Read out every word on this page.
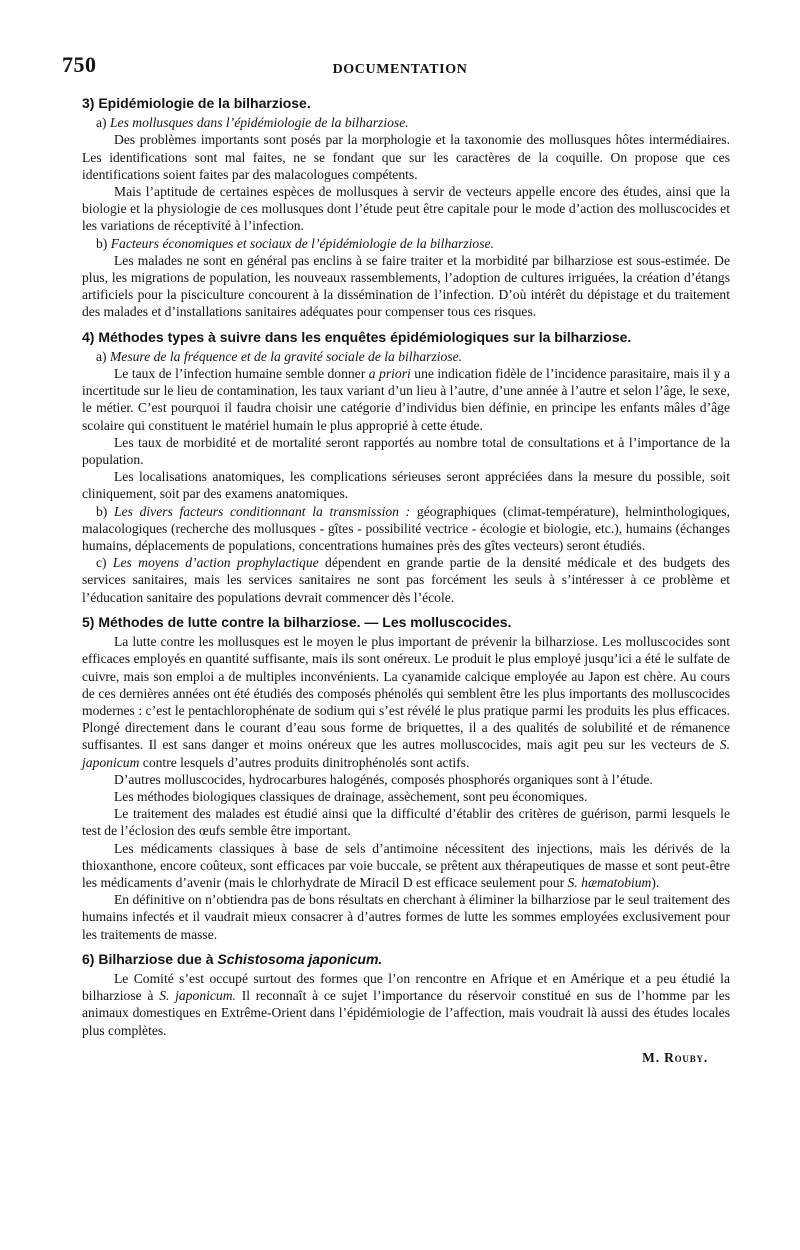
750	DOCUMENTATION
3) Epidémiologie de la bilharziose.

a) Les mollusques dans l’épidémiologie de la bilharziose.

Des problèmes importants sont posés par la morphologie et la taxonomie des mollusques hôtes intermédiaires. Les identifications sont mal faites, ne se fondant que sur les caractères de la coquille. On propose que ces identifications soient faites par des malacologues compétents.

Mais l’aptitude de certaines espèces de mollusques à servir de vecteurs appelle encore des études, ainsi que la biologie et la physiologie de ces mollusques dont l’étude peut être capitale pour le mode d’action des molluscocides et les variations de réceptivité à l’infection.

b) Facteurs économiques et sociaux de l’épidémiologie de la bilharziose.

Les malades ne sont en général pas enclins à se faire traiter et la morbidité par bilharziose est sous-estimée. De plus, les migrations de population, les nouveaux rassemblements, l’adoption de cultures irriguées, la création d’étangs artificiels pour la pisciculture concourent à la dissémination de l’infection. D’où intérêt du dépistage et du traitement des malades et d’installations sanitaires adéquates pour compenser tous ces risques.

4) Méthodes types à suivre dans les enquêtes épidémiologiques sur la bilharziose.

a) Mesure de la fréquence et de la gravité sociale de la bilharziose.

Le taux de l’infection humaine semble donner a priori une indication fidèle de l’incidence parasitaire, mais il y a incertitude sur le lieu de contamination, les taux variant d’un lieu à l’autre, d’une année à l’autre et selon l’âge, le sexe, le métier. C’est pourquoi il faudra choisir une catégorie d’individus bien définie, en principe les enfants mâles d’âge scolaire qui constituent le matériel humain le plus approprié à cette étude.

Les taux de morbidité et de mortalité seront rapportés au nombre total de consultations et à l’importance de la population.

Les localisations anatomiques, les complications sérieuses seront appréciées dans la mesure du possible, soit cliniquement, soit par des examens anatomiques.

b) Les divers facteurs conditionnant la transmission : géographiques (climat-température), helminthologiques, malacologiques (recherche des mollusques - gîtes - possibilité vectrice - écologie et biologie, etc.), humains (échanges humains, déplacements de populations, concentrations humaines près des gîtes vecteurs) seront étudiés.

c) Les moyens d’action prophylactique dépendent en grande partie de la densité médicale et des budgets des services sanitaires, mais les services sanitaires ne sont pas forcément les seuls à s’intéresser à ce problème et l’éducation sanitaire des populations devrait commencer dès l’école.

5) Méthodes de lutte contre la bilharziose. — Les molluscocides.

La lutte contre les mollusques est le moyen le plus important de prévenir la bilharziose. Les molluscocides sont efficaces employés en quantité suffisante, mais ils sont onéreux. Le produit le plus employé jusqu’ici a été le sulfate de cuivre, mais son emploi a de multiples inconvénients. La cyanamide calcique employée au Japon est chère. Au cours de ces dernières années ont été étudiés des composés phénolés qui semblent être les plus importants des molluscocides modernes : c’est le pentachlorophénate de sodium qui s’est révélé le plus pratique parmi les produits les plus efficaces. Plongé directement dans le courant d’eau sous forme de briquettes, il a des qualités de solubilité et de rémanence suffisantes. Il est sans danger et moins onéreux que les autres molluscocides, mais agit peu sur les vecteurs de S. japonicum contre lesquels d’autres produits dinitrophénolés sont actifs.

D’autres molluscocides, hydrocarbures halogénés, composés phosphorés organiques sont à l’étude.

Les méthodes biologiques classiques de drainage, assèchement, sont peu économiques.

Le traitement des malades est étudié ainsi que la difficulté d’établir des critères de guérison, parmi lesquels le test de l’éclosion des œufs semble être important.

Les médicaments classiques à base de sels d’antimoine nécessitent des injections, mais les dérivés de la thioxanthone, encore coûteux, sont efficaces par voie buccale, se prêtent aux thérapeutiques de masse et sont peut-être les médicaments d’avenir (mais le chlorhydrate de Miracil D est efficace seulement pour S. hæmatobium).

En définitive on n’obtiendra pas de bons résultats en cherchant à éliminer la bilharziose par le seul traitement des humains infectés et il vaudrait mieux consacrer à d’autres formes de lutte les sommes employées exclusivement pour les traitements de masse.

6) Bilharziose due à Schistosoma japonicum.

Le Comité s’est occupé surtout des formes que l’on rencontre en Afrique et en Amérique et a peu étudié la bilharziose à S. japonicum. Il reconnaît à ce sujet l’importance du réservoir constitué en sus de l’homme par les animaux domestiques en Extrême-Orient dans l’épidémiologie de l’affection, mais voudrait là aussi des études locales plus complètes.

M. Rouby.
